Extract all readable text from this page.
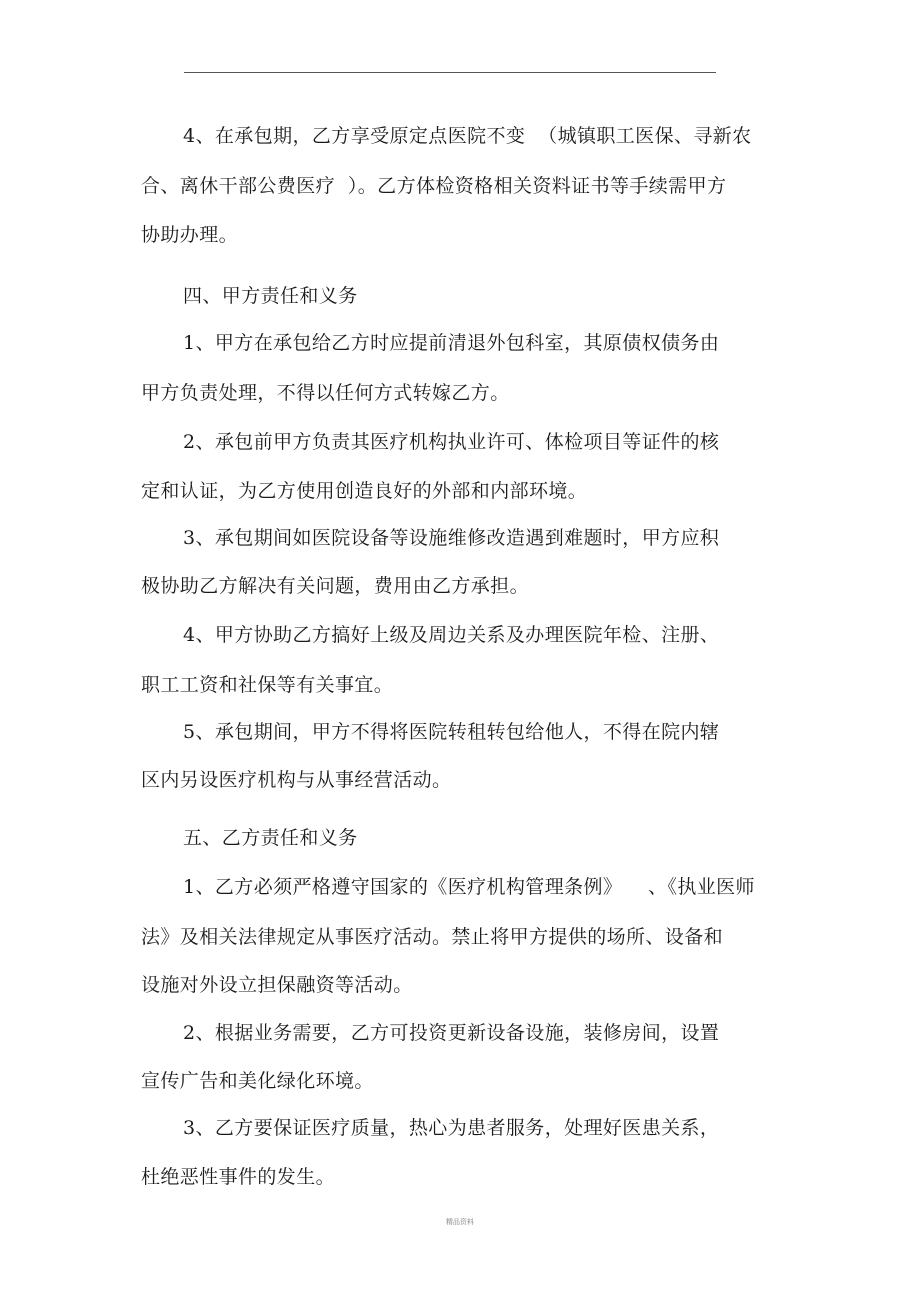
4、在承包期，乙方享受原定点医院不变  （城镇职工医保、寻新农

合、离休干部公费医疗  ）。乙方体检资格相关资料证书等手续需甲方

协助办理。

四、甲方责任和义务

1、甲方在承包给乙方时应提前清退外包科室，其原债权债务由

甲方负责处理，不得以任何方式转嫁乙方。

2、承包前甲方负责其医疗机构执业许可、体检项目等证件的核

定和认证，为乙方使用创造良好的外部和内部环境。

3、承包期间如医院设备等设施维修改造遇到难题时，甲方应积

极协助乙方解决有关问题，费用由乙方承担。

4、甲方协助乙方搞好上级及周边关系及办理医院年检、注册、

职工工资和社保等有关事宜。

5、承包期间，甲方不得将医院转租转包给他人，不得在院内辖

区内另设医疗机构与从事经营活动。

五、乙方责任和义务

1、乙方必须严格遵守国家的《医疗机构管理条例》    、《执业医师

法》及相关法律规定从事医疗活动。禁止将甲方提供的场所、设备和

设施对外设立担保融资等活动。

2、根据业务需要，乙方可投资更新设备设施，装修房间，设置

宣传广告和美化绿化环境。

3、乙方要保证医疗质量，热心为患者服务，处理好医患关系，

杜绝恶性事件的发生。

精品资料
